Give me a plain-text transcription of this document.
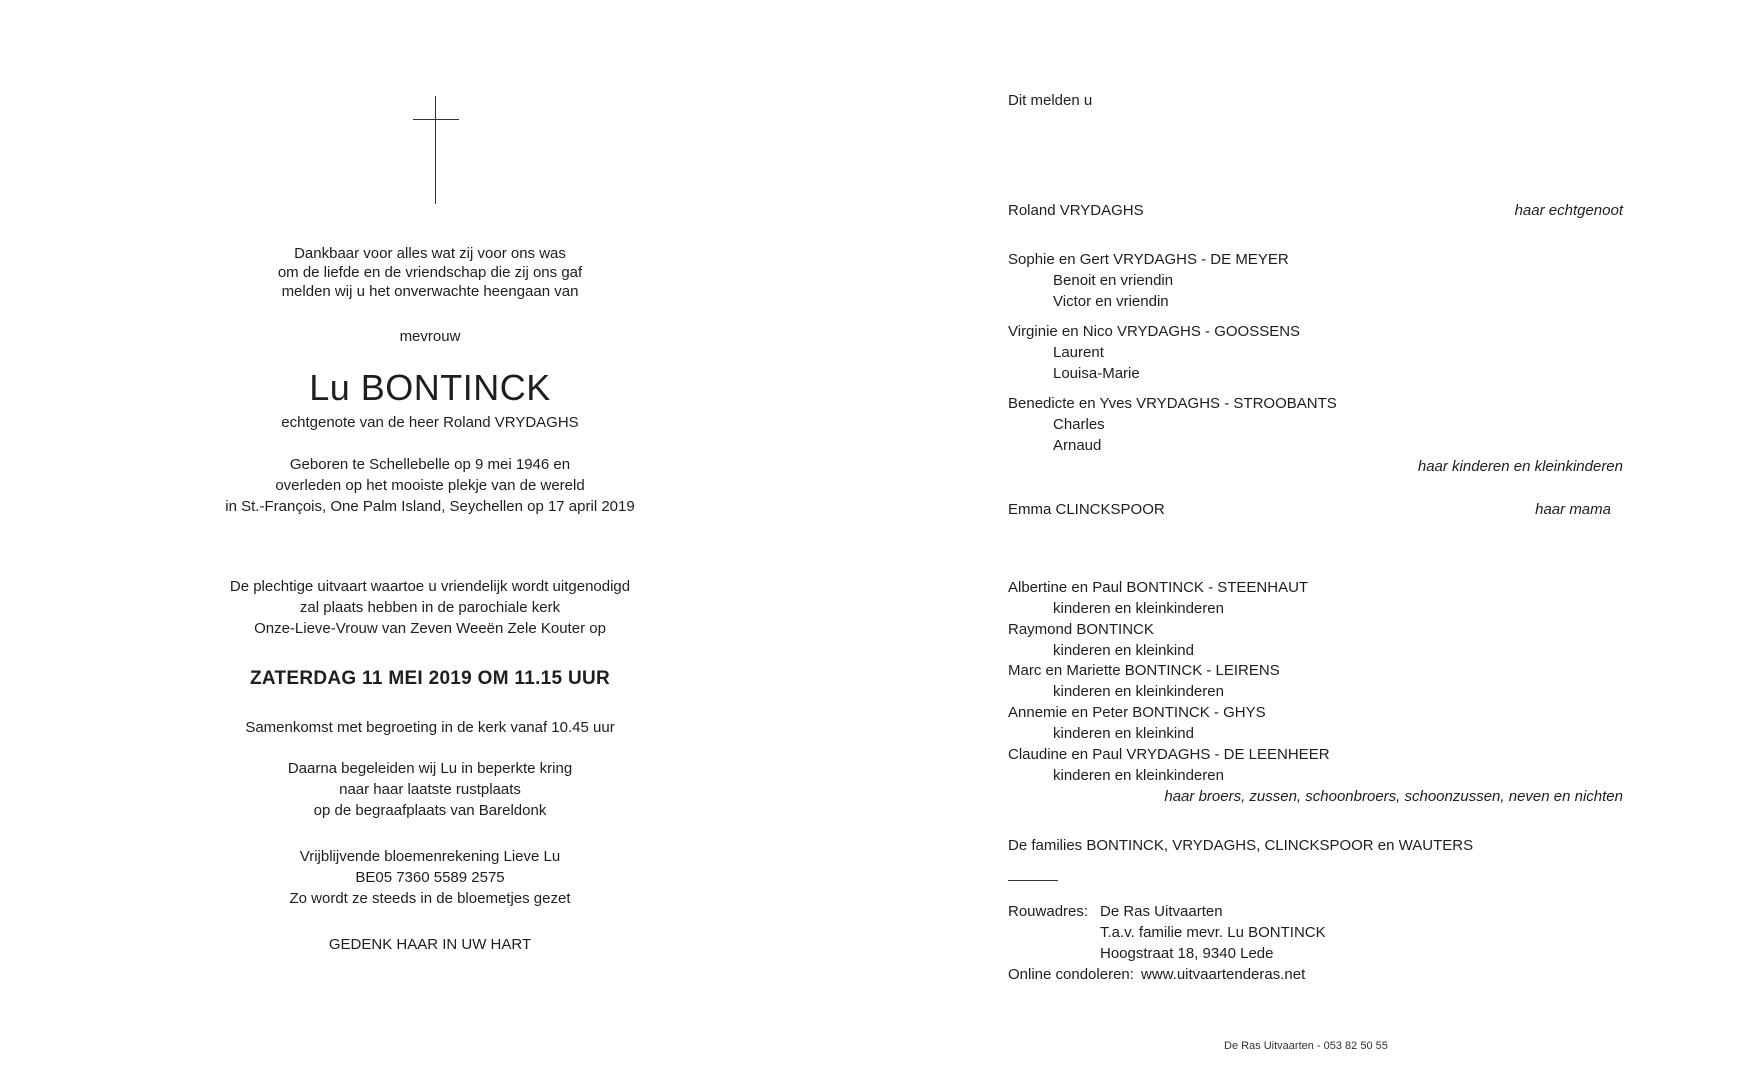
Dankbaar voor alles wat zij voor ons was
om de liefde en de vriendschap die zij ons gaf
melden wij u het onverwachte heengaan van
mevrouw
Lu BONTINCK
echtgenote van de heer Roland VRYDAGHS
Geboren te Schellebelle op 9 mei 1946 en
overleden op het mooiste plekje van de wereld
in St.-François, One Palm Island, Seychellen op 17 april 2019
De plechtige uitvaart waartoe u vriendelijk wordt uitgenodigd
zal plaats hebben in de parochiale kerk
Onze-Lieve-Vrouw van Zeven Weeën Zele Kouter op
ZATERDAG 11 MEI 2019 OM 11.15 UUR
Samenkomst met begroeting in de kerk vanaf 10.45 uur
Daarna begeleiden wij Lu in beperkte kring
naar haar laatste rustplaats
op de begraafplaats van Bareldonk
Vrijblijvende bloemenrekening Lieve Lu
BE05 7360 5589 2575
Zo wordt ze steeds in de bloemetjes gezet
GEDENK HAAR IN UW HART
Dit melden u
Roland VRYDAGHS	haar echtgenoot
Sophie en Gert VRYDAGHS - DE MEYER
Benoit en vriendin
Victor en vriendin
Virginie en Nico VRYDAGHS - GOOSSENS
Laurent
Louisa-Marie
Benedicte en Yves VRYDAGHS - STROOBANTS
Charles
Arnaud
haar kinderen en kleinkinderen
Emma CLINCKSPOOR	haar mama
Albertine en Paul BONTINCK - STEENHAUT
kinderen en kleinkinderen
Raymond BONTINCK
kinderen en kleinkind
Marc en Mariette BONTINCK - LEIRENS
kinderen en kleinkinderen
Annemie en Peter BONTINCK - GHYS
kinderen en kleinkind
Claudine en Paul VRYDAGHS - DE LEENHEER
kinderen en kleinkinderen
haar broers, zussen, schoonbroers, schoonzussen, neven en nichten
De families BONTINCK, VRYDAGHS, CLINCKSPOOR en WAUTERS
Rouwadres: De Ras Uitvaarten
T.a.v. familie mevr. Lu BONTINCK
Hoogstraat 18, 9340 Lede
Online condoleren: www.uitvaartenderas.net
De Ras Uitvaarten - 053 82 50 55
